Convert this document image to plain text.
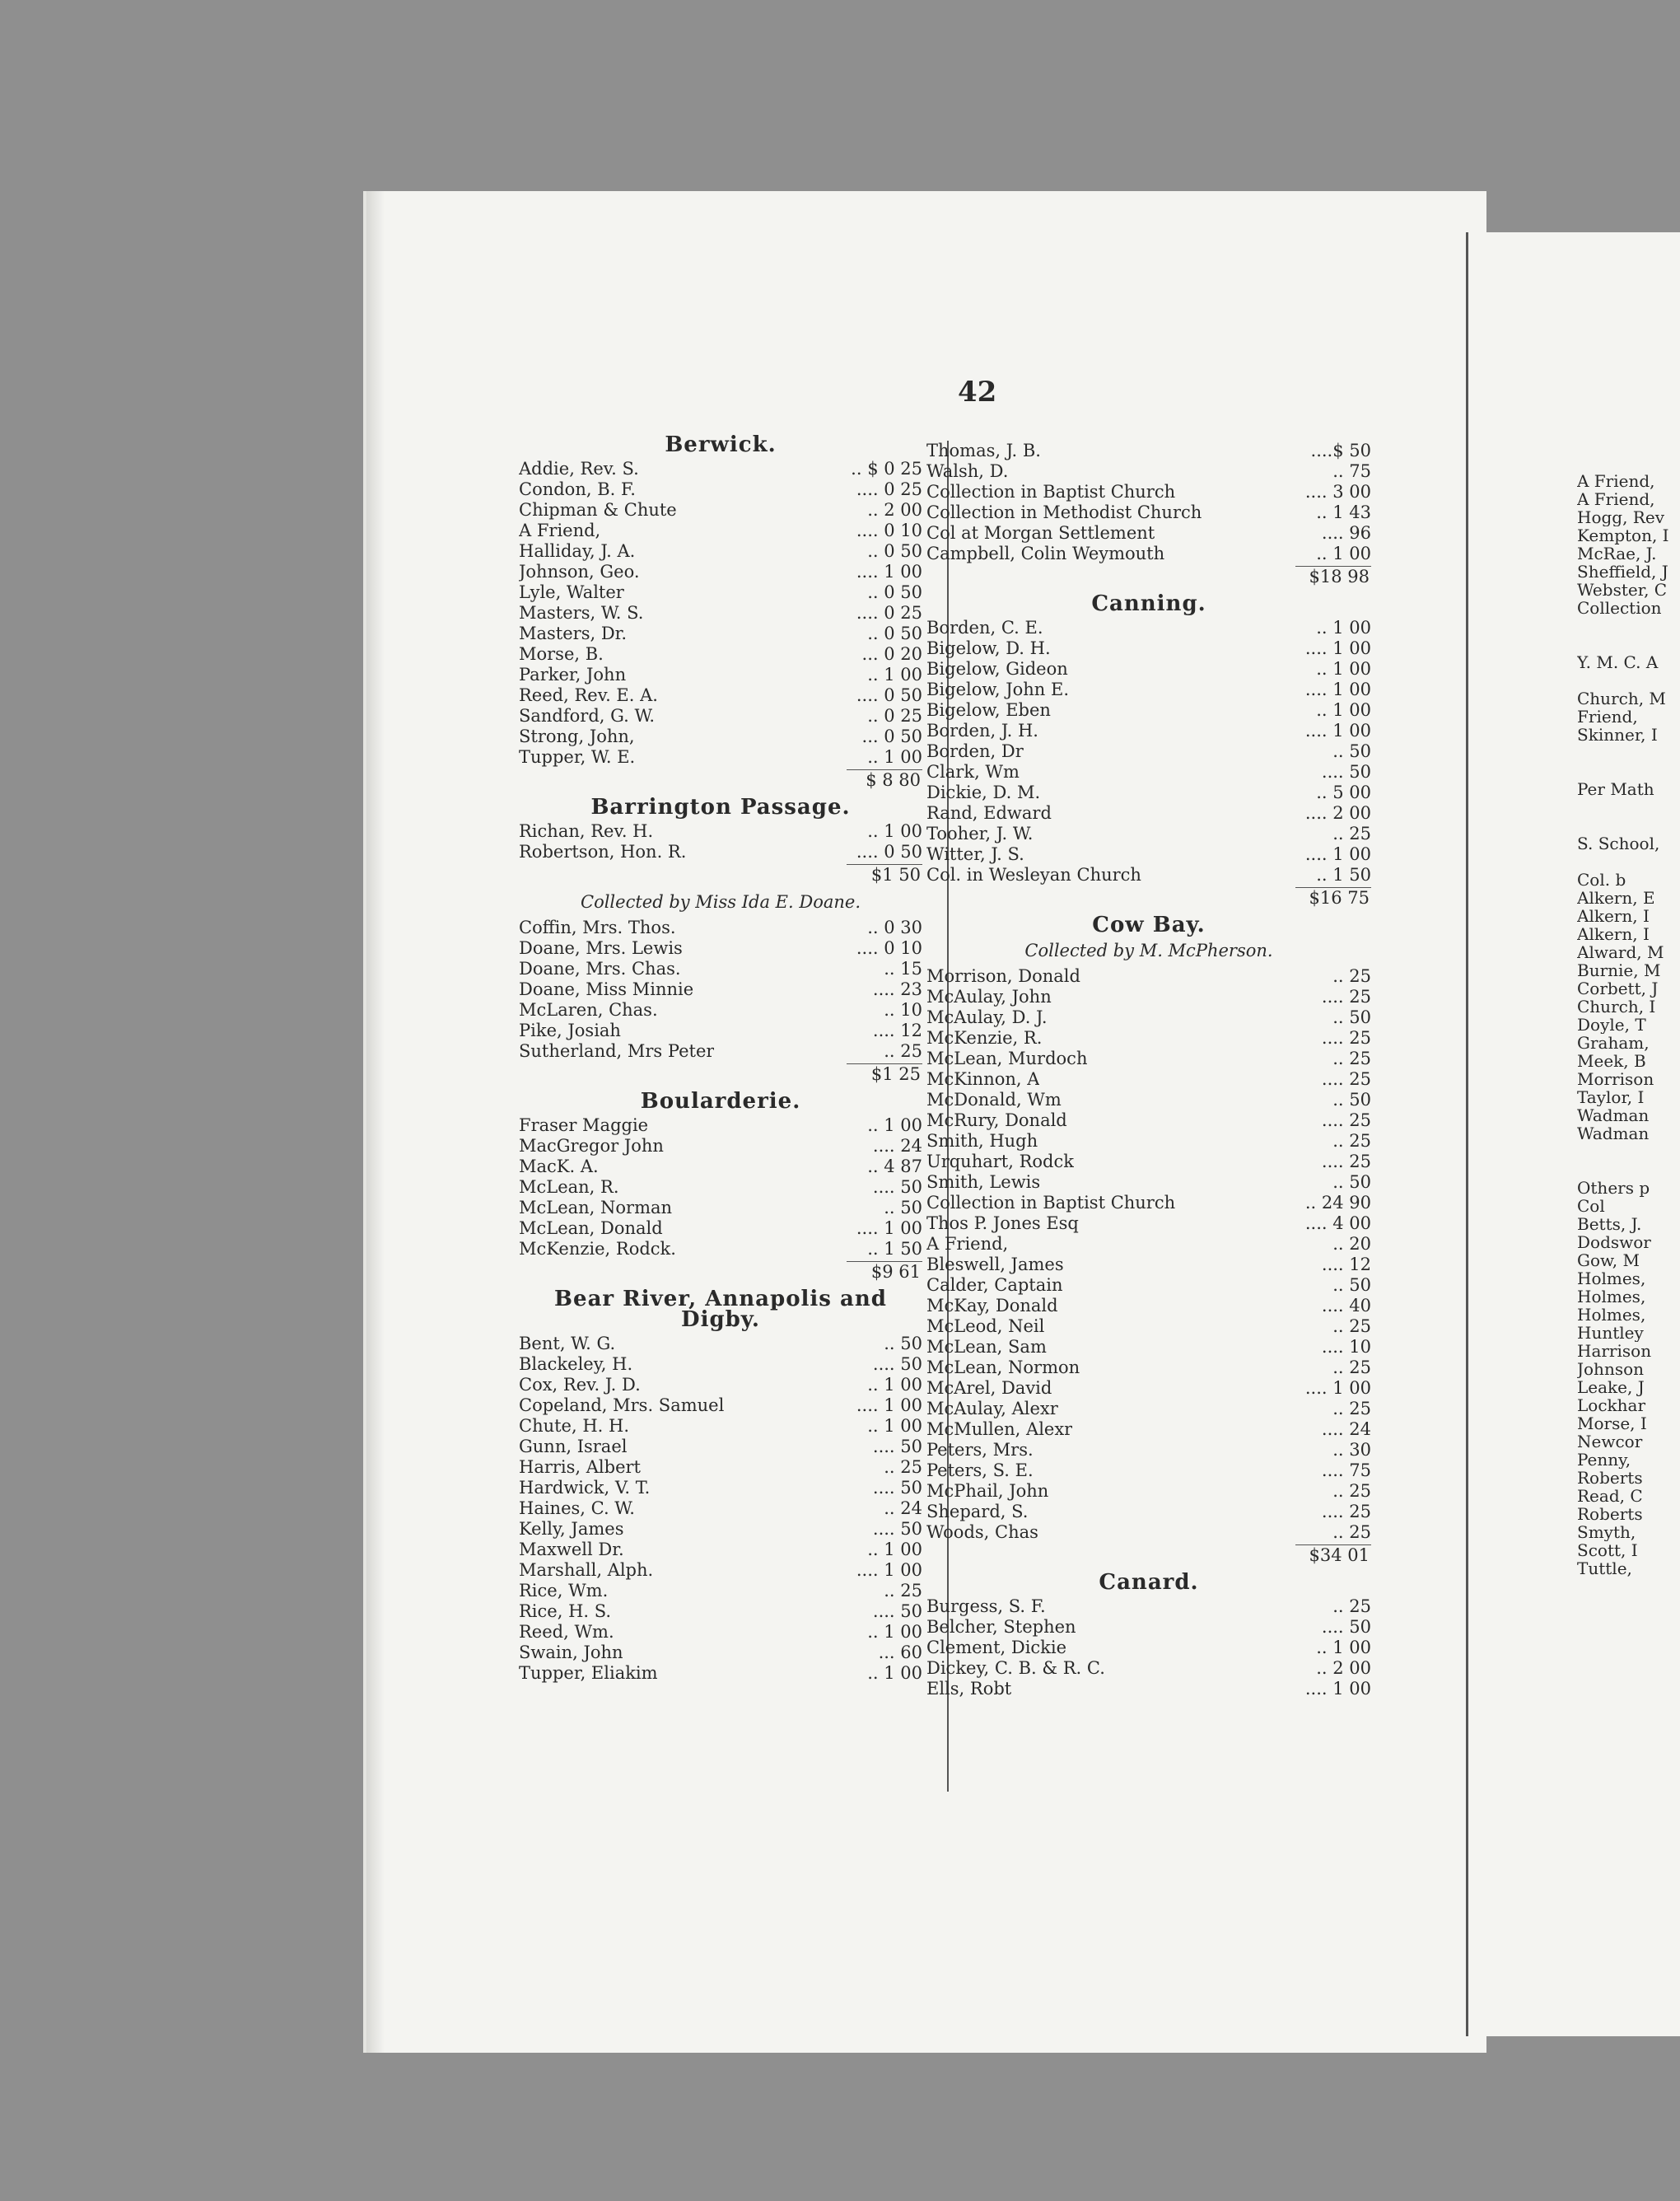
42
Berwick.
Addie, Rev. S.	.. $ 0 25
Condon, B. F.	.... 0 25
Chipman & Chute	.. 2 00
A Friend,	.... 0 10
Halliday, J. A.	.. 0 50
Johnson, Geo.	.... 1 00
Lyle, Walter	.. 0 50
Masters, W. S.	.... 0 25
Masters, Dr.	.. 0 50
Morse, B.	... 0 20
Parker, John	.. 1 00
Reed, Rev. E. A.	.... 0 50
Sandford, G. W.	.. 0 25
Strong, John,	... 0 50
Tupper, W. E.	.. 1 00
$ 8 80
Barrington Passage.
Richan, Rev. H.	.. 1 00
Robertson, Hon. R.	.... 0 50
$1 50
Collected by Miss Ida E. Doane.
Coffin, Mrs. Thos.	.. 0 30
Doane, Mrs. Lewis	.... 0 10
Doane, Mrs. Chas.	.. 15
Doane, Miss Minnie	.... 23
McLaren, Chas.	.. 10
Pike, Josiah	.... 12
Sutherland, Mrs Peter	.. 25
$1 25
Boularderie.
Fraser Maggie	.. 1 00
MacGregor John	.... 24
MacK. A.	.. 4 87
McLean, R.	.... 50
McLean, Norman	.. 50
McLean, Donald	.... 1 00
McKenzie, Rodck.	.. 1 50
$9 61
Bear River, Annapolis and Digby.
Bent, W. G.	.. 50
Blackeley, H.	.... 50
Cox, Rev. J. D.	.. 1 00
Copeland, Mrs. Samuel	.... 1 00
Chute, H. H.	.. 1 00
Gunn, Israel	.... 50
Harris, Albert	.. 25
Hardwick, V. T.	.... 50
Haines, C. W.	.. 24
Kelly, James	.... 50
Maxwell Dr.	.. 1 00
Marshall, Alph.	.... 1 00
Rice, Wm.	.. 25
Rice, H. S.	.... 50
Reed, Wm.	.. 1 00
Swain, John	... 60
Tupper, Eliakim	.. 1 00
Thomas, J. B.	....$ 50
Walsh, D.	.. 75
Collection in Baptist Church	.... 3 00
Collection in Methodist Church	.. 1 43
Col at Morgan Settlement	.... 96
Campbell, Colin Weymouth	.. 1 00
$18 98
Canning.
Borden, C. E.	.. 1 00
Bigelow, D. H.	.... 1 00
Bigelow, Gideon	.. 1 00
Bigelow, John E.	.... 1 00
Bigelow, Eben	.. 1 00
Borden, J. H.	.... 1 00
Borden, Dr	.. 50
Clark, Wm	.... 50
Dickie, D. M.	.. 5 00
Rand, Edward	.... 2 00
Tooher, J. W.	.. 25
Witter, J. S.	.... 1 00
Col. in Wesleyan Church	.. 1 50
$16 75
Cow Bay.
Collected by M. McPherson.
Morrison, Donald	.. 25
McAulay, John	.... 25
McAulay, D. J.	.. 50
McKenzie, R.	.... 25
McLean, Murdoch	.. 25
McKinnon, A	.... 25
McDonald, Wm	.. 50
McRury, Donald	.... 25
Smith, Hugh	.. 25
Urquhart, Rodck	.... 25
Smith, Lewis	.. 50
Collection in Baptist Church	.. 24 90
Thos P. Jones Esq	.... 4 00
A Friend,	.. 20
Bleswell, James	.... 12
Calder, Captain	.. 50
McKay, Donald	.... 40
McLeod, Neil	.. 25
McLean, Sam	.... 10
McLean, Normon	.. 25
McArel, David	.... 1 00
McAulay, Alexr	.. 25
McMullen, Alexr	.... 24
Peters, Mrs.	.. 30
Peters, S. E.	.... 75
McPhail, John	.. 25
Shepard, S.	.... 25
Woods, Chas	.. 25
$34 01
Canard.
Burgess, S. F.	.. 25
Belcher, Stephen	.... 50
Clement, Dickie	.. 1 00
Dickey, C. B. & R. C.	.. 2 00
Ells, Robt	.... 1 00
A Friend,
A Friend,
Hogg, Rev
Kempton, I
McRae, J.
Sheffield, J
Webster, C
Collection
Y. M. C. A
Church, M
Friend,
Skinner, I
Per Math
S. School,
Col. b
Alkern, E
Alkern, I
Alkern, I
Alward, M
Burnie, M
Corbett, J
Church, I
Doyle, T
Graham,
Meek, B
Morrison
Taylor, I
Wadman
Wadman
Others p
Col
Betts, J.
Dodswor
Gow, M
Holmes,
Holmes,
Holmes,
Huntley
Harrison
Johnson
Leake, J
Lockhar
Morse, I
Newcor
Penny,
Roberts
Read, C
Roberts
Smyth,
Scott, I
Tuttle,
